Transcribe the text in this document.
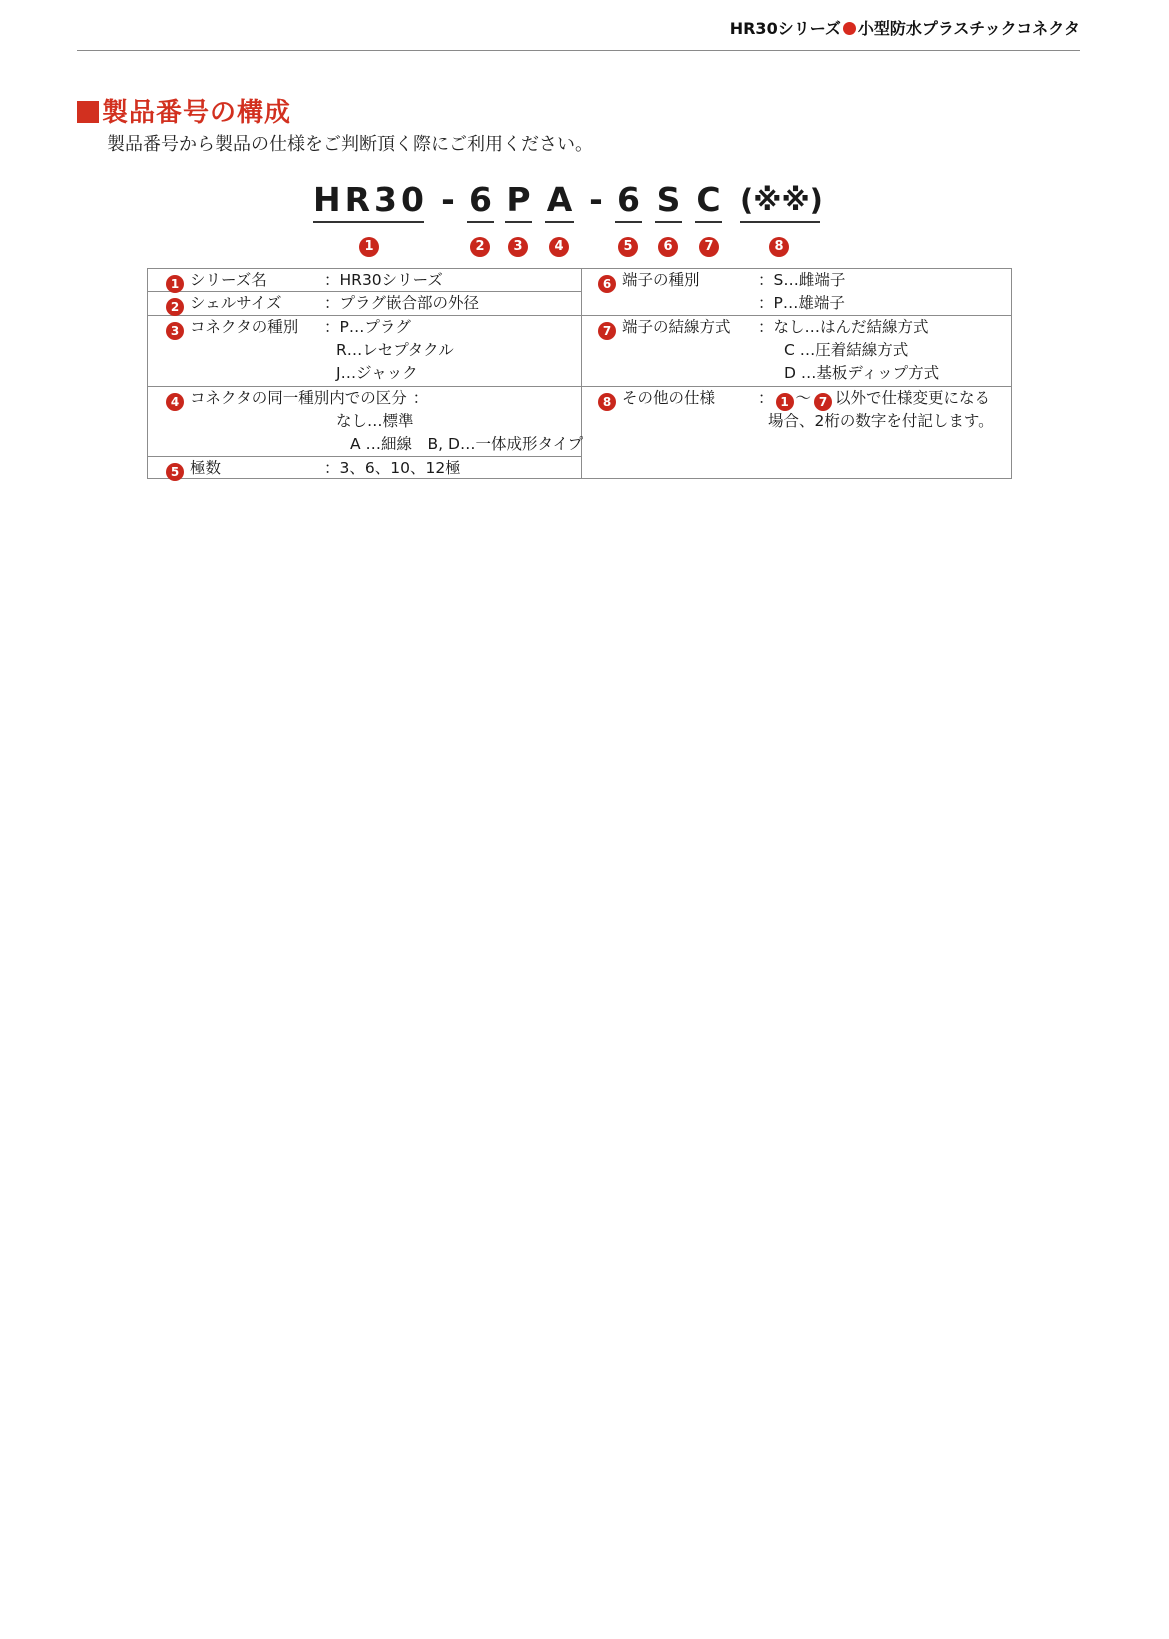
HR30シリーズ 小型防水プラスチックコネクタ
製品番号の構成
製品番号から製品の仕様をご判断頂く際にご利用ください。
HR30 - 6 P A - 6 S C (※※)
1	2	3	4	5	6	7	8
1 シリーズ名	：HR30シリーズ
2 シェルサイズ	：プラグ嵌合部の外径
3 コネクタの種別 ：P…プラグ
R…レセプタクル
J…ジャック
4 コネクタの同一種別内での区分 ：
なし…標準
A …細線　B, D…一体成形タイプ
5 極数	：3、6、10、12極
6 端子の種別	：S…雌端子
：P…雄端子
7 端子の結線方式 ：なし…はんだ結線方式
C …圧着結線方式
D …基板ディップ方式
8 その他の仕様	： 1 ～ 7 以外で仕様変更になる
場合、2桁の数字を付記します。
